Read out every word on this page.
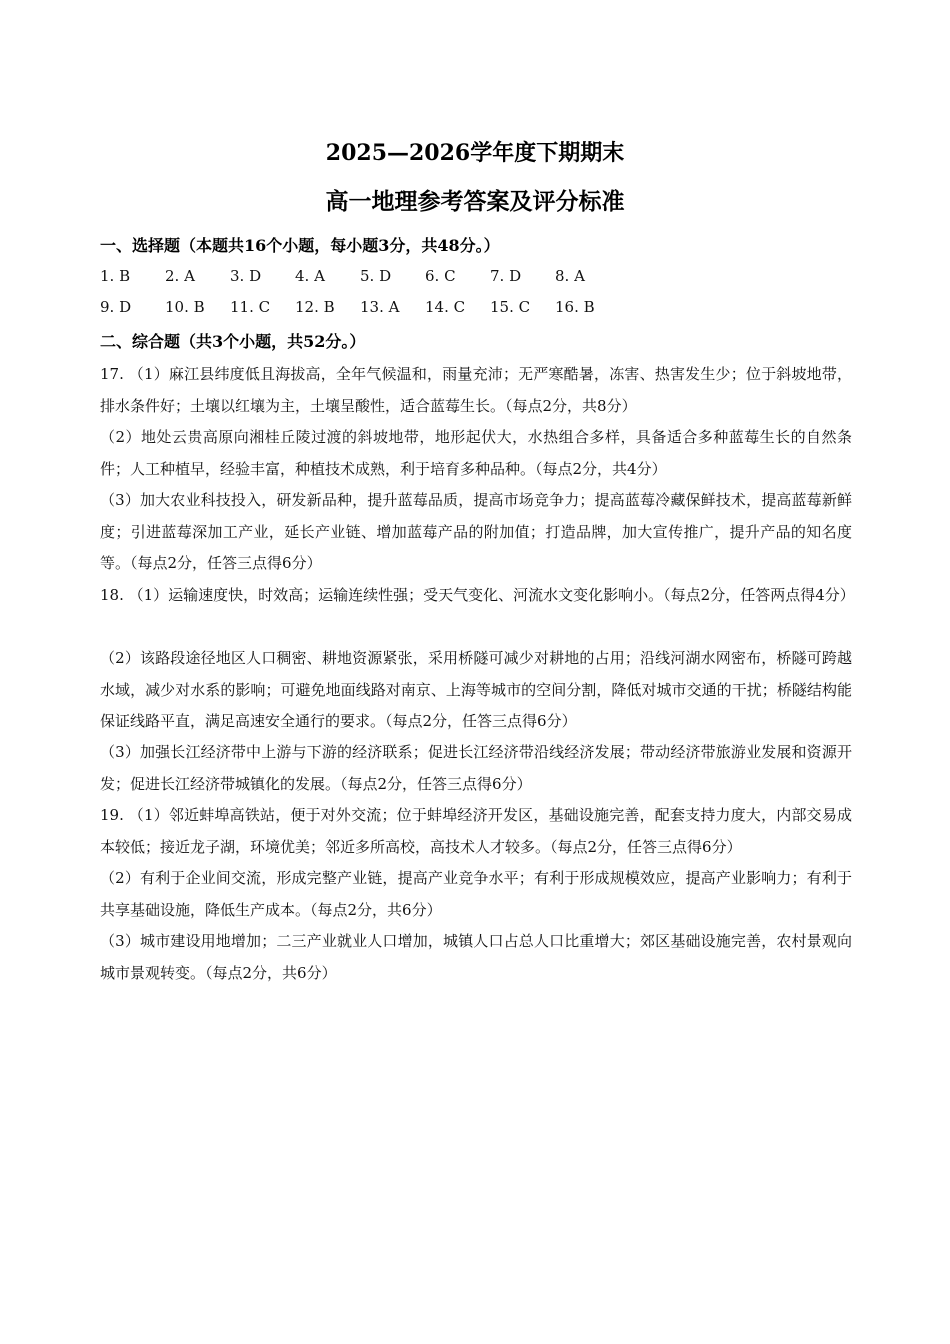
2025—2026学年度下期期末
高一地理参考答案及评分标准
一、选择题（本题共16个小题，每小题3分，共48分。）
1. B 2. A 3. D 4. A 5. D 6. C 7. D 8. A
9. D 10. B 11. C 12. B 13. A 14. C 15. C 16. B
二、综合题（共3个小题，共52分。）
17. （1）麻江县纬度低且海拔高，全年气候温和，雨量充沛；无严寒酷暑，冻害、热害发生少；位于斜坡地带，排水条件好；土壤以红壤为主，土壤呈酸性，适合蓝莓生长。（每点2分，共8分）
（2）地处云贵高原向湘桂丘陵过渡的斜坡地带，地形起伏大，水热组合多样，具备适合多种蓝莓生长的自然条件；人工种植早，经验丰富，种植技术成熟，利于培育多种品种。（每点2分，共4分）
（3）加大农业科技投入，研发新品种，提升蓝莓品质，提高市场竞争力；提高蓝莓冷藏保鲜技术，提高蓝莓新鲜度；引进蓝莓深加工产业，延长产业链、增加蓝莓产品的附加值；打造品牌，加大宣传推广，提升产品的知名度等。（每点2分，任答三点得6分）
18. （1）运输速度快，时效高；运输连续性强；受天气变化、河流水文变化影响小。（每点2分，任答两点得4分）
（2）该路段途径地区人口稠密、耕地资源紧张，采用桥隧可减少对耕地的占用；沿线河湖水网密布，桥隧可跨越水域，减少对水系的影响；可避免地面线路对南京、上海等城市的空间分割，降低对城市交通的干扰；桥隧结构能保证线路平直，满足高速安全通行的要求。（每点2分，任答三点得6分）
（3）加强长江经济带中上游与下游的经济联系；促进长江经济带沿线经济发展；带动经济带旅游业发展和资源开发；促进长江经济带城镇化的发展。（每点2分，任答三点得6分）
19. （1）邻近蚌埠高铁站，便于对外交流；位于蚌埠经济开发区，基础设施完善，配套支持力度大，内部交易成本较低；接近龙子湖，环境优美；邻近多所高校，高技术人才较多。（每点2分，任答三点得6分）
（2）有利于企业间交流，形成完整产业链，提高产业竞争水平；有利于形成规模效应，提高产业影响力；有利于共享基础设施，降低生产成本。（每点2分，共6分）
（3）城市建设用地增加；二三产业就业人口增加，城镇人口占总人口比重增大；郊区基础设施完善，农村景观向城市景观转变。（每点2分，共6分）
